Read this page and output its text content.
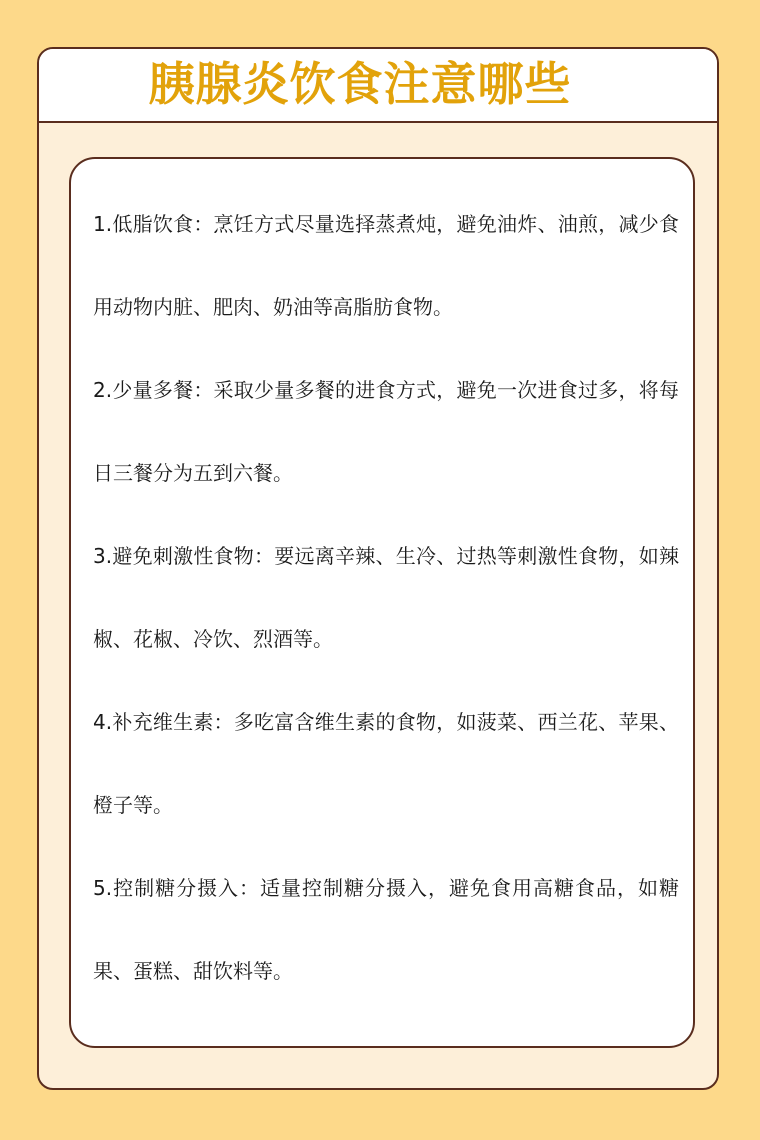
胰腺炎饮食注意哪些

1.低脂饮食：烹饪方式尽量选择蒸煮炖，避免油炸、油煎，减少食用动物内脏、肥肉、奶油等高脂肪食物。

2.少量多餐：采取少量多餐的进食方式，避免一次进食过多，将每日三餐分为五到六餐。

3.避免刺激性食物：要远离辛辣、生冷、过热等刺激性食物，如辣椒、花椒、冷饮、烈酒等。

4.补充维生素：多吃富含维生素的食物，如菠菜、西兰花、苹果、橙子等。

5.控制糖分摄入：适量控制糖分摄入，避免食用高糖食品，如糖果、蛋糕、甜饮料等。
